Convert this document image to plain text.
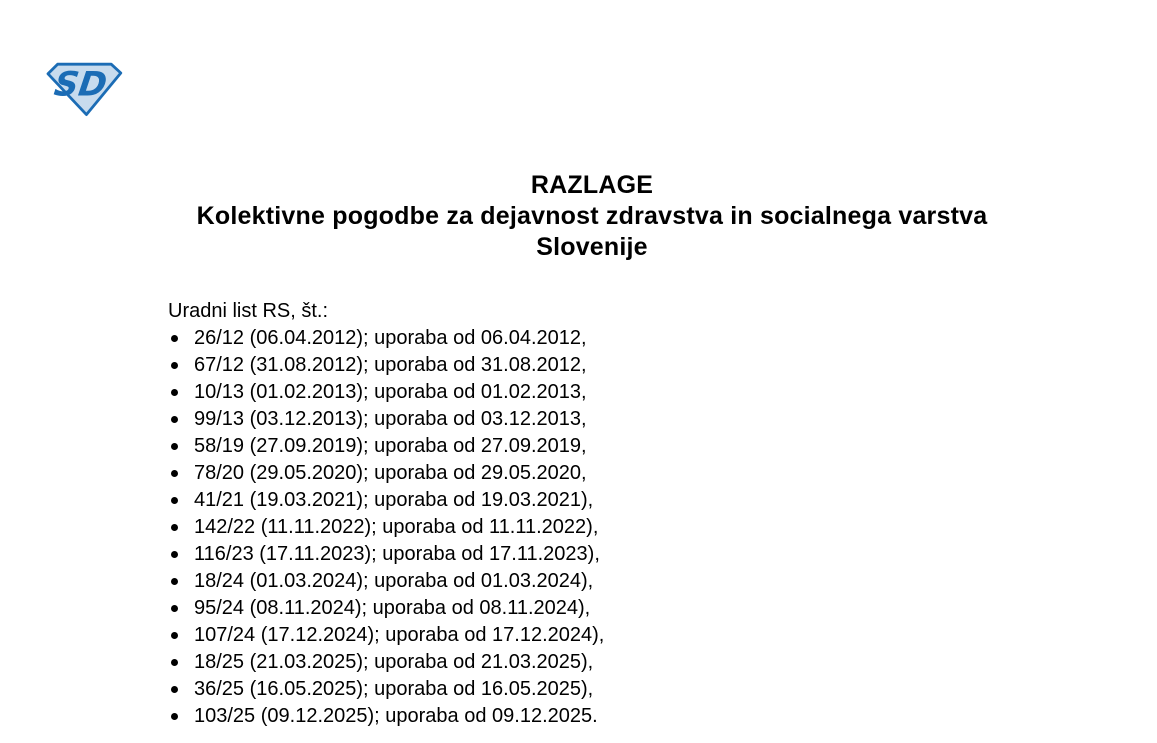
SD
RAZLAGE
Kolektivne pogodbe za dejavnost zdravstva in socialnega varstva
Slovenije

Uradni list RS, št.:

26/12 (06.04.2012); uporaba od 06.04.2012,
67/12 (31.08.2012); uporaba od 31.08.2012,
10/13 (01.02.2013); uporaba od 01.02.2013,
99/13 (03.12.2013); uporaba od 03.12.2013,
58/19 (27.09.2019); uporaba od 27.09.2019,
78/20 (29.05.2020); uporaba od 29.05.2020,
41/21 (19.03.2021); uporaba od 19.03.2021),
142/22 (11.11.2022); uporaba od 11.11.2022),
116/23 (17.11.2023); uporaba od 17.11.2023),
18/24 (01.03.2024); uporaba od 01.03.2024),
95/24 (08.11.2024); uporaba od 08.11.2024),
107/24 (17.12.2024); uporaba od 17.12.2024),
18/25 (21.03.2025); uporaba od 21.03.2025),
36/25 (16.05.2025); uporaba od 16.05.2025),
103/25 (09.12.2025); uporaba od 09.12.2025.
